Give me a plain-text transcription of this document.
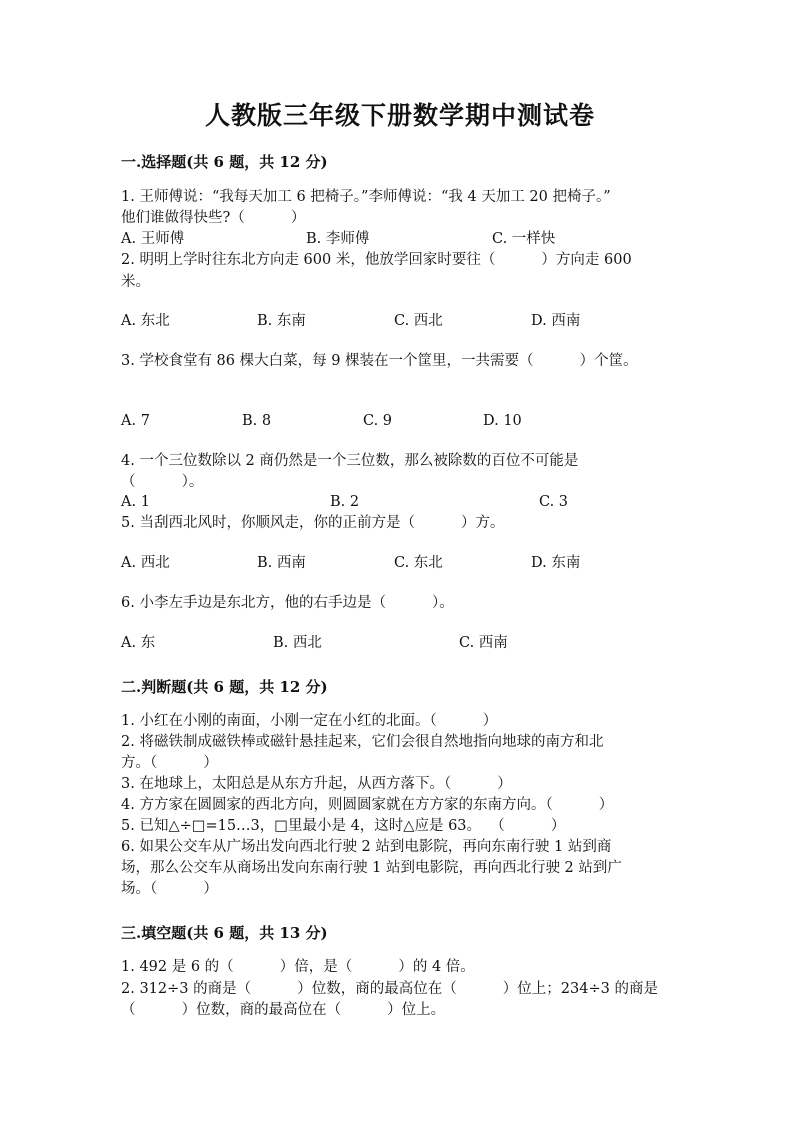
人教版三年级下册数学期中测试卷
一.选择题(共 6 题，共 12 分)
1. 王师傅说：“我每天加工 6 把椅子。”李师傅说：“我 4 天加工 20 把椅子。”
他们谁做得快些?（          ）
A. 王师傅	B. 李师傅	C. 一样快
2. 明明上学时往东北方向走 600 米，他放学回家时要往（          ）方向走 600
米。
A. 东北	B. 东南	C. 西北	D. 西南
3. 学校食堂有 86 棵大白菜，每 9 棵装在一个筐里，一共需要（          ）个筐。
A. 7	B. 8	C. 9	D. 10
4. 一个三位数除以 2 商仍然是一个三位数，那么被除数的百位不可能是
（          ）。
A. 1	B. 2	C. 3
5. 当刮西北风时，你顺风走，你的正前方是（          ）方。
A. 西北	B. 西南	C. 东北	D. 东南
6. 小李左手边是东北方，他的右手边是（          ）。
A. 东	B. 西北	C. 西南
二.判断题(共 6 题，共 12 分)
1. 小红在小刚的南面，小刚一定在小红的北面。（          ）
2. 将磁铁制成磁铁棒或磁针悬挂起来，它们会很自然地指向地球的南方和北
方。（          ）
3. 在地球上，太阳总是从东方升起，从西方落下。（          ）
4. 方方家在圆圆家的西北方向，则圆圆家就在方方家的东南方向。（          ）
5. 已知△÷□=15…3，□里最小是 4，这时△应是 63。  （          ）
6. 如果公交车从广场出发向西北行驶 2 站到电影院，再向东南行驶 1 站到商
场，那么公交车从商场出发向东南行驶 1 站到电影院，再向西北行驶 2 站到广
场。（          ）
三.填空题(共 6 题，共 13 分)
1. 492 是 6 的（          ）倍，是（          ）的 4 倍。
2. 312÷3 的商是（          ）位数，商的最高位在（          ）位上；234÷3 的商是
（          ）位数，商的最高位在（          ）位上。
